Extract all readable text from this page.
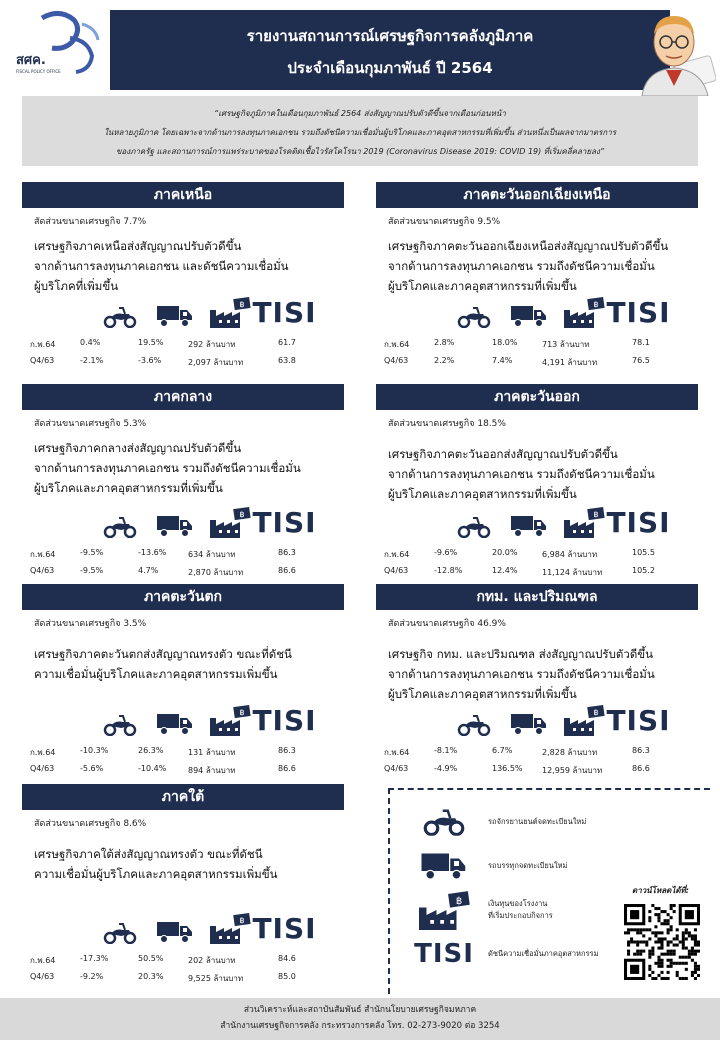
สศค.
FISCAL POLICY OFFICE
รายงานสถานการณ์เศรษฐกิจการคลังภูมิภาค
ประจำเดือนกุมภาพันธ์ ปี 2564
“เศรษฐกิจภูมิภาคในเดือนกุมภาพันธ์ 2564 ส่งสัญญาณปรับตัวดีขึ้นจากเดือนก่อนหน้า
ในหลายภูมิภาค โดยเฉพาะจากด้านการลงทุนภาคเอกชน รวมถึงดัชนีความเชื่อมั่นผู้บริโภคและภาคอุตสาหกรรมที่เพิ่มขึ้น ส่วนหนึ่งเป็นผลจากมาตรการ
ของภาครัฐ และสถานการณ์การแพร่ระบาดของโรคติดเชื้อไวรัสโคโรนา 2019 (Coronavirus Disease 2019: COVID 19) ที่เริ่มคลี่คลายลง”
ภาคเหนือ
สัดส่วนขนาดเศรษฐกิจ 7.7%
เศรษฐกิจภาคเหนือส่งสัญญาณปรับตัวดีขึ้น
จากด้านการลงทุนภาคเอกชน และดัชนีความเชื่อมั่น
ผู้บริโภคที่เพิ่มขึ้น
฿ TISI
ก.พ.64	0.4%	19.5%	292 ล้านบาท	61.7
Q4/63	-2.1%	-3.6%	2,097 ล้านบาท	63.8
ภาคตะวันออกเฉียงเหนือ
สัดส่วนขนาดเศรษฐกิจ 9.5%
เศรษฐกิจภาคตะวันออกเฉียงเหนือส่งสัญญาณปรับตัวดีขึ้น
จากด้านการลงทุนภาคเอกชน รวมถึงดัชนีความเชื่อมั่น
ผู้บริโภคและภาคอุตสาหกรรมที่เพิ่มขึ้น
฿ TISI
ก.พ.64	2.8%	18.0%	713 ล้านบาท	78.1
Q4/63	2.2%	7.4%	4,191 ล้านบาท	76.5
ภาคกลาง
สัดส่วนขนาดเศรษฐกิจ 5.3%
เศรษฐกิจภาคกลางส่งสัญญาณปรับตัวดีขึ้น
จากด้านการลงทุนภาคเอกชน รวมถึงดัชนีความเชื่อมั่น
ผู้บริโภคและภาคอุตสาหกรรมที่เพิ่มขึ้น
฿ TISI
ก.พ.64	-9.5%	-13.6%	634 ล้านบาท	86.3
Q4/63	-9.5%	4.7%	2,870 ล้านบาท	86.6
ภาคตะวันออก
สัดส่วนขนาดเศรษฐกิจ 18.5%
เศรษฐกิจภาคตะวันออกส่งสัญญาณปรับตัวดีขึ้น
จากด้านการลงทุนภาคเอกชน รวมถึงดัชนีความเชื่อมั่น
ผู้บริโภคและภาคอุตสาหกรรมที่เพิ่มขึ้น
฿ TISI
ก.พ.64	-9.6%	20.0%	6,984 ล้านบาท	105.5
Q4/63	-12.8%	12.4%	11,124 ล้านบาท	105.2
ภาคตะวันตก
สัดส่วนขนาดเศรษฐกิจ 3.5%
เศรษฐกิจภาคตะวันตกส่งสัญญาณทรงตัว ขณะที่ดัชนี
ความเชื่อมั่นผู้บริโภคและภาคอุตสาหกรรมเพิ่มขึ้น
฿ TISI
ก.พ.64	-10.3%	26.3%	131 ล้านบาท	86.3
Q4/63	-5.6%	-10.4%	894 ล้านบาท	86.6
กทม. และปริมณฑล
สัดส่วนขนาดเศรษฐกิจ 46.9%
เศรษฐกิจ กทม. และปริมณฑล ส่งสัญญาณปรับตัวดีขึ้น
จากด้านการลงทุนภาคเอกชน รวมถึงดัชนีความเชื่อมั่น
ผู้บริโภคและภาคอุตสาหกรรมที่เพิ่มขึ้น
฿ TISI
ก.พ.64	-8.1%	6.7%	2,828 ล้านบาท	86.3
Q4/63	-4.9%	136.5%	12,959 ล้านบาท	86.6
ภาคใต้
สัดส่วนขนาดเศรษฐกิจ 8.6%
เศรษฐกิจภาคใต้ส่งสัญญาณทรงตัว ขณะที่ดัชนี
ความเชื่อมั่นผู้บริโภคและภาคอุตสาหกรรมเพิ่มขึ้น
฿ TISI
ก.พ.64	-17.3%	50.5%	202 ล้านบาท	84.6
Q4/63	-9.2%	20.3%	9,525 ล้านบาท	85.0
รถจักรยานยนต์จดทะเบียนใหม่
รถบรรทุกจดทะเบียนใหม่
฿	เงินทุนของโรงงาน
ที่เริ่มประกอบกิจการ
TISI ดัชนีความเชื่อมั่นภาคอุตสาหกรรม
ดาวน์โหลดได้ที่:
ส่วนวิเคราะห์และสถาบันสัมพันธ์ สำนักนโยบายเศรษฐกิจมหภาค
สำนักงานเศรษฐกิจการคลัง กระทรวงการคลัง โทร. 02-273-9020 ต่อ 3254
